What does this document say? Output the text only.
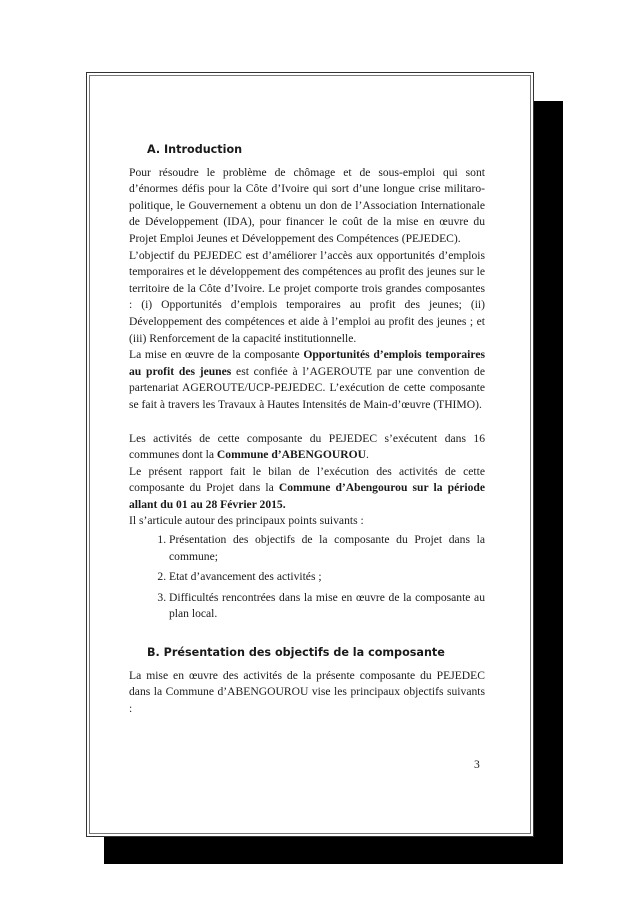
A. Introduction

Pour résoudre le problème de chômage et de sous-emploi qui sont d’énormes défis pour la Côte d’Ivoire qui sort d’une longue crise militaro-politique, le Gouvernement a obtenu un don de l’Association Internationale de Développement (IDA), pour financer le coût de la mise en œuvre du Projet Emploi Jeunes et Développement des Compétences (PEJEDEC).

L’objectif du PEJEDEC est d’améliorer l’accès aux opportunités d’emplois temporaires et le développement des compétences au profit des jeunes sur le territoire de la Côte d’Ivoire. Le projet comporte trois grandes composantes : (i) Opportunités d’emplois temporaires au profit des jeunes; (ii) Développement des compétences et aide à l’emploi au profit des jeunes ; et (iii) Renforcement de la capacité institutionnelle.

La mise en œuvre de la composante Opportunités d’emplois temporaires au profit des jeunes est confiée à l’AGEROUTE par une convention de partenariat AGEROUTE/UCP-PEJEDEC. L’exécution de cette composante se fait à travers les Travaux à Hautes Intensités de Main-d’œuvre (THIMO).

Les activités de cette composante du PEJEDEC s’exécutent dans 16 communes dont la Commune d’ABENGOUROU.

Le présent rapport fait le bilan de l’exécution des activités de cette composante du Projet dans la Commune d’Abengourou sur la période allant du 01 au 28 Février 2015.

Il s’articule autour des principaux points suivants :

1. Présentation des objectifs de la composante du Projet dans la commune;
2. Etat d’avancement des activités ;
3. Difficultés rencontrées dans la mise en œuvre de la composante au plan local.
B. Présentation des objectifs de la composante

La mise en œuvre des activités de la présente composante du PEJEDEC dans la Commune d’ABENGOUROU vise les principaux objectifs suivants :

3
